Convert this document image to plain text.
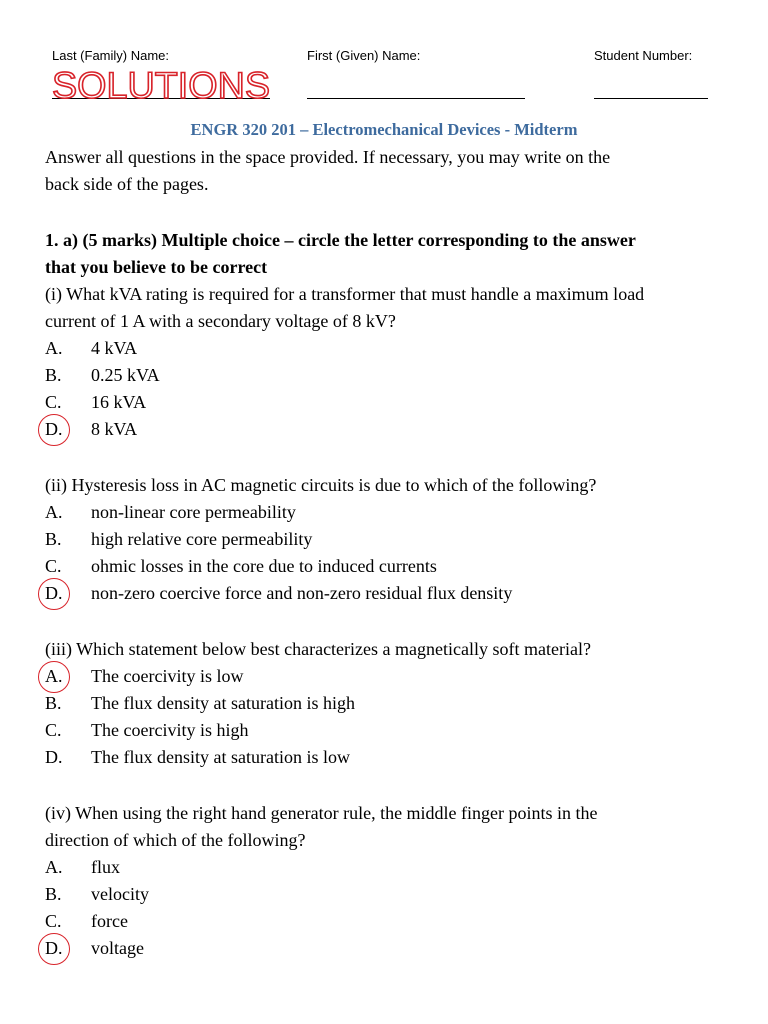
Last (Family) Name:	First (Given) Name:	Student Number:
SOLUTIONS
ENGR 320 201 – Electromechanical Devices - Midterm
Answer all questions in the space provided. If necessary, you may write on the
back side of the pages.
1. a) (5 marks) Multiple choice – circle the letter corresponding to the answer
that you believe to be correct
(i) What kVA rating is required for a transformer that must handle a maximum load
current of 1 A with a secondary voltage of 8 kV?
A. 4 kVA
B. 0.25 kVA
C. 16 kVA
D. 8 kVA
(ii) Hysteresis loss in AC magnetic circuits is due to which of the following?
A. non-linear core permeability
B. high relative core permeability
C. ohmic losses in the core due to induced currents
D. non-zero coercive force and non-zero residual flux density
(iii) Which statement below best characterizes a magnetically soft material?
A. The coercivity is low
B. The flux density at saturation is high
C. The coercivity is high
D. The flux density at saturation is low
(iv) When using the right hand generator rule, the middle finger points in the
direction of which of the following?
A. flux
B. velocity
C. force
D. voltage
